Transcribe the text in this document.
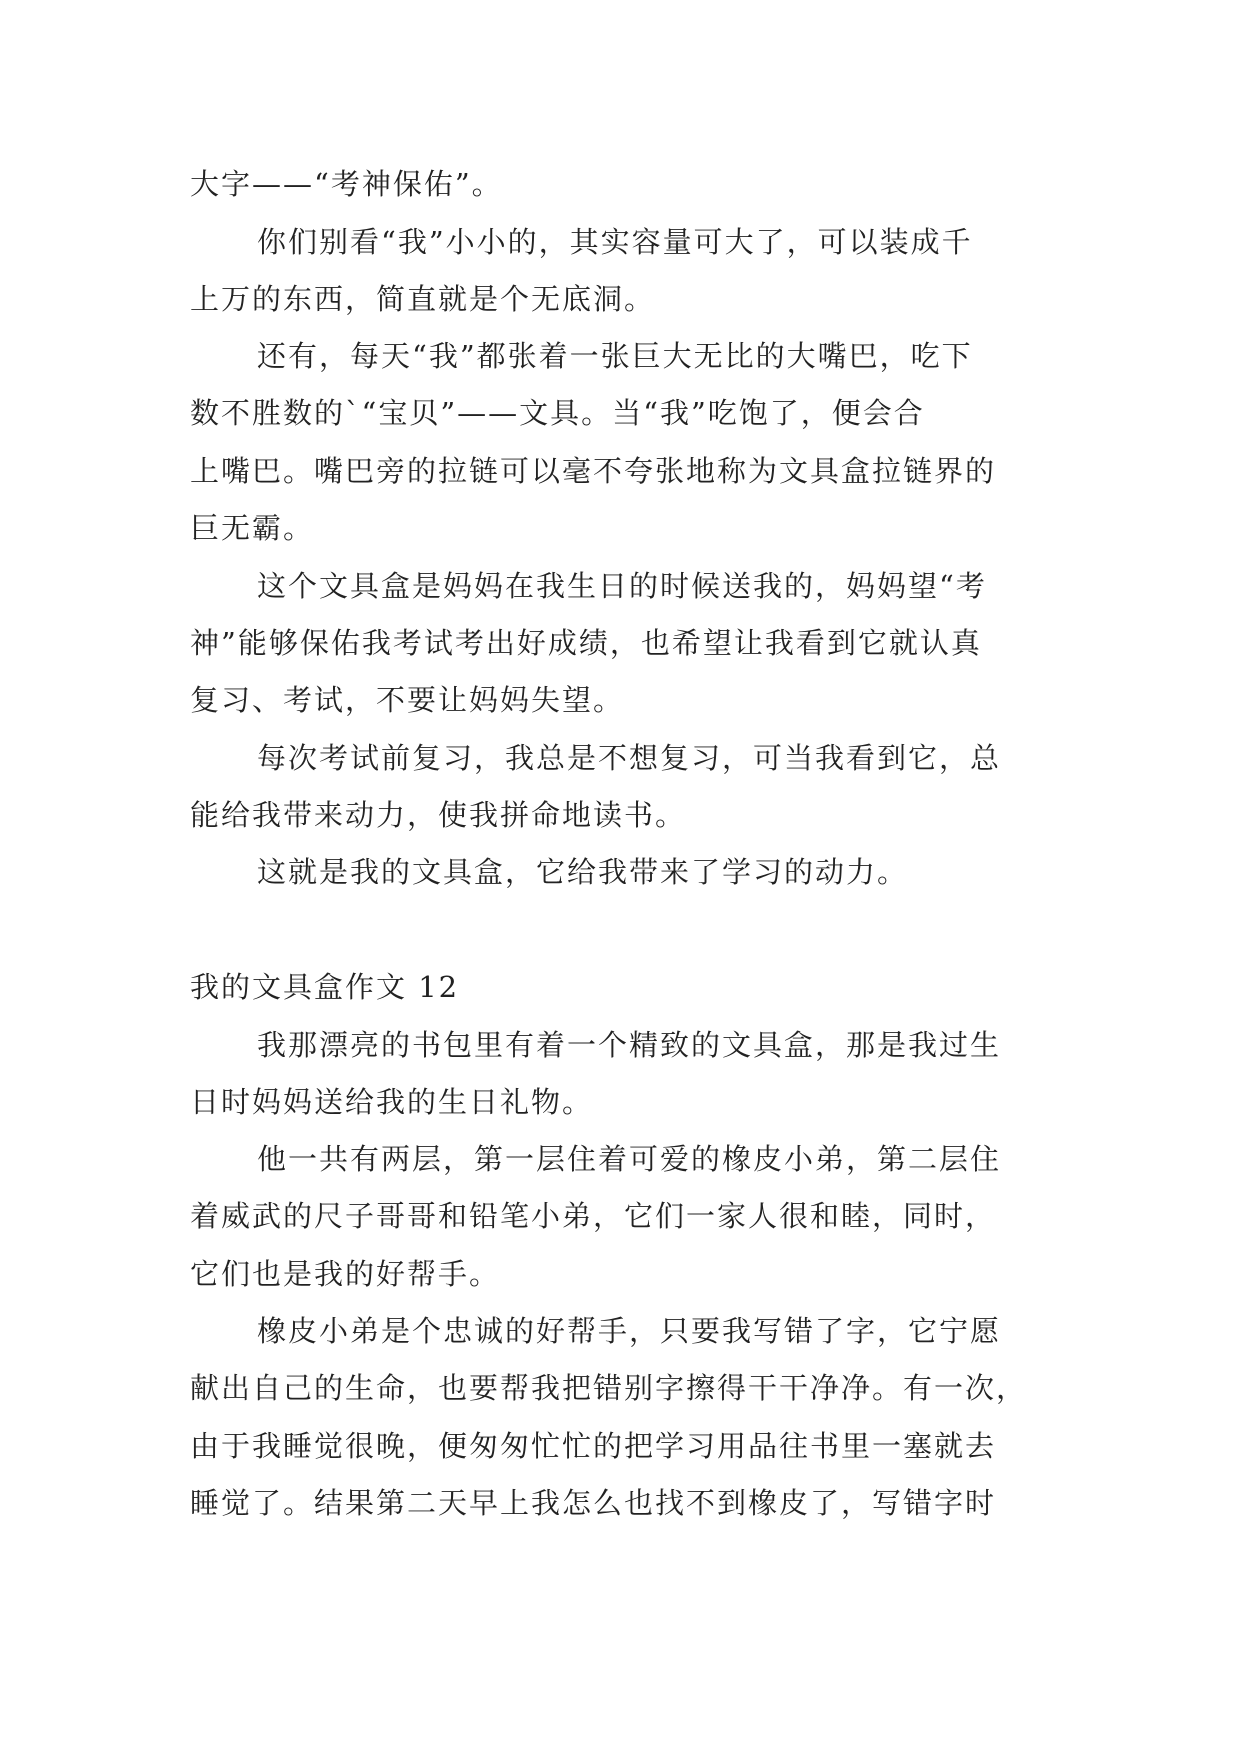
大字——“考神保佑”。
你们别看“我”小小的，其实容量可大了，可以装成千
上万的东西，简直就是个无底洞。
还有，每天“我”都张着一张巨大无比的大嘴巴，吃下
数不胜数的`“宝贝”——文具。当“我”吃饱了，便会合
上嘴巴。嘴巴旁的拉链可以毫不夸张地称为文具盒拉链界的
巨无霸。
这个文具盒是妈妈在我生日的时候送我的，妈妈望“考
神”能够保佑我考试考出好成绩，也希望让我看到它就认真
复习、考试，不要让妈妈失望。
每次考试前复习，我总是不想复习，可当我看到它，总
能给我带来动力，使我拼命地读书。
这就是我的文具盒，它给我带来了学习的动力。
我的文具盒作文 12
我那漂亮的书包里有着一个精致的文具盒，那是我过生
日时妈妈送给我的生日礼物。
他一共有两层，第一层住着可爱的橡皮小弟，第二层住
着威武的尺子哥哥和铅笔小弟，它们一家人很和睦，同时，
它们也是我的好帮手。
橡皮小弟是个忠诚的好帮手，只要我写错了字，它宁愿
献出自己的生命，也要帮我把错别字擦得干干净净。有一次，
由于我睡觉很晚，便匆匆忙忙的把学习用品往书里一塞就去
睡觉了。结果第二天早上我怎么也找不到橡皮了，写错字时
